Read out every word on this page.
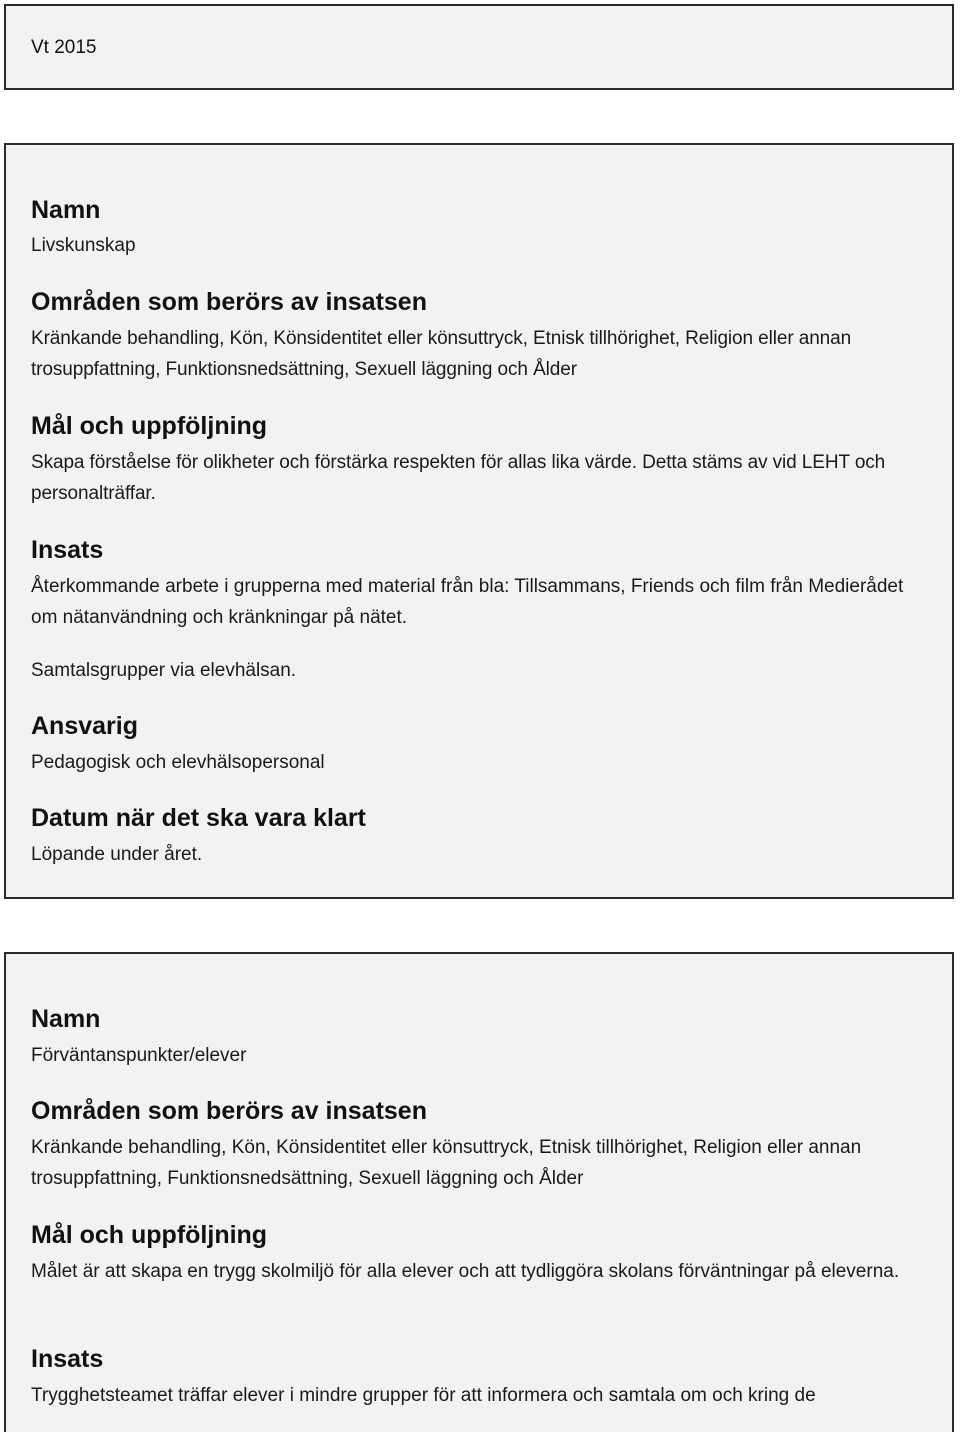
Vt 2015

Namn

Livskunskap

Områden som berörs av insatsen

Kränkande behandling, Kön, Könsidentitet eller könsuttryck, Etnisk tillhörighet, Religion eller annan trosuppfattning, Funktionsnedsättning, Sexuell läggning och Ålder

Mål och uppföljning

Skapa förståelse för olikheter och förstärka respekten för allas lika värde. Detta stäms av vid LEHT och personalträffar.

Insats

Återkommande arbete i grupperna med material från bla: Tillsammans, Friends och film från Medierådet om nätanvändning och kränkningar på nätet.

Samtalsgrupper via elevhälsan.

Ansvarig

Pedagogisk och elevhälsopersonal

Datum när det ska vara klart

Löpande under året.

Namn

Förväntanspunkter/elever

Områden som berörs av insatsen

Kränkande behandling, Kön, Könsidentitet eller könsuttryck, Etnisk tillhörighet, Religion eller annan trosuppfattning, Funktionsnedsättning, Sexuell läggning och Ålder

Mål och uppföljning

Målet är att skapa en trygg skolmiljö för alla elever och att tydliggöra skolans förväntningar på eleverna.

Insats

Trygghetsteamet träffar elever i mindre grupper för att informera och samtala om och kring de
